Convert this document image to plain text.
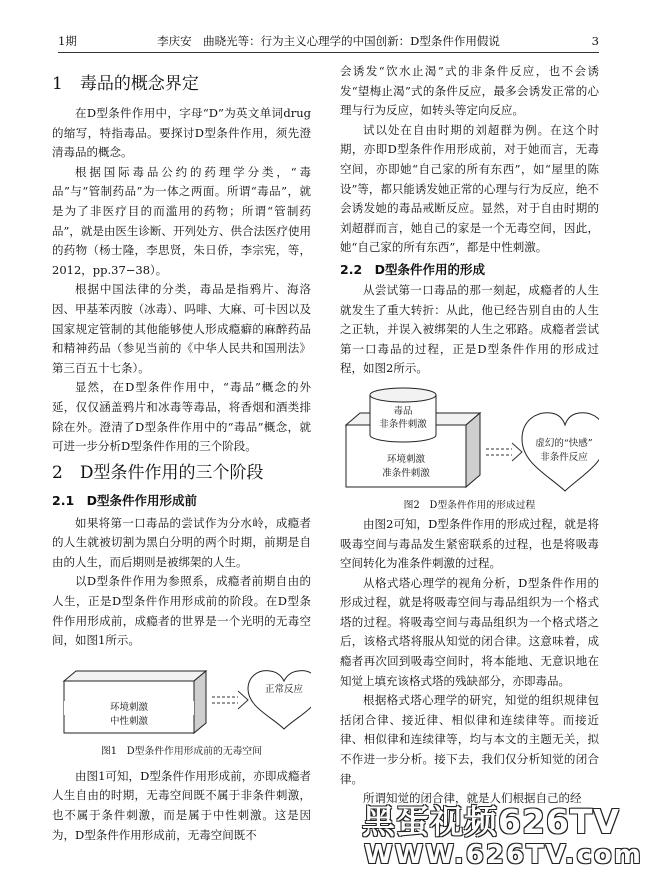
1期	李庆安　曲晓光等：行为主义心理学的中国创新：D型条件作用假说	3
1　毒品的概念界定

在D型条件作用中，字母“D”为英文单词drug的缩写，特指毒品。要探讨D型条件作用，须先澄清毒品的概念。

根据国际毒品公约的药理学分类，“毒品”与“管制药品”为一体之两面。所谓“毒品”，就是为了非医疗目的而滥用的药物；所谓“管制药品”，就是由医生诊断、开列处方、供合法医疗使用的药物（杨士隆，李思贤，朱日侨，李宗宪，等，2012，pp.37−38）。

根据中国法律的分类，毒品是指鸦片、海洛因、甲基苯丙胺（冰毒）、吗啡、大麻、可卡因以及国家规定管制的其他能够使人形成瘾癖的麻醉药品和精神药品（参见当前的《中华人民共和国刑法》第三百五十七条）。

显然，在D型条件作用中，“毒品”概念的外延，仅仅涵盖鸦片和冰毒等毒品，将香烟和酒类排除在外。澄清了D型条件作用中的“毒品”概念，就可进一步分析D型条件作用的三个阶段。

2　D型条件作用的三个阶段
2.1　D型条件作用形成前

如果将第一口毒品的尝试作为分水岭，成瘾者的人生就被切割为黑白分明的两个时期，前期是自由的人生，而后期则是被绑架的人生。

以D型条件作用为参照系，成瘾者前期自由的人生，正是D型条件作用形成前的阶段。在D型条件作用形成前，成瘾者的世界是一个光明的无毒空间，如图1所示。

环境刺激
中性刺激
正常反应
图1　D型条件作用形成前的无毒空间

由图1可知，D型条件作用形成前，亦即成瘾者人生自由的时期，无毒空间既不属于非条件刺激，也不属于条件刺激，而是属于中性刺激。这是因为，D型条件作用形成前，无毒空间既不

会诱发“饮水止渴”式的非条件反应，也不会诱发“望梅止渴”式的条件反应，最多会诱发正常的心理与行为反应，如转头等定向反应。

试以处在自由时期的刘超群为例。在这个时期，亦即D型条件作用形成前，对于她而言，无毒空间，亦即她“自己家的所有东西”，如“屋里的陈设”等，都只能诱发她正常的心理与行为反应，绝不会诱发她的毒品戒断反应。显然，对于自由时期的刘超群而言，她自己的家是一个无毒空间，因此，她“自己家的所有东西”，都是中性刺激。

2.2　D型条件作用的形成

从尝试第一口毒品的那一刻起，成瘾者的人生就发生了重大转折：从此，他已经告别自由的人生之正轨，并误入被绑架的人生之邪路。成瘾者尝试第一口毒品的过程，正是D型条件作用的形成过程，如图2所示。

毒品
非条件刺激
环境刺激
准条件刺激
虚幻的“快感”
非条件反应
图2　D型条件作用的形成过程

由图2可知，D型条件作用的形成过程，就是将吸毒空间与毒品发生紧密联系的过程，也是将吸毒空间转化为准条件刺激的过程。

从格式塔心理学的视角分析，D型条件作用的形成过程，就是将吸毒空间与毒品组织为一个格式塔的过程。将吸毒空间与毒品组织为一个格式塔之后，该格式塔将服从知觉的闭合律。这意味着，成瘾者再次回到吸毒空间时，将本能地、无意识地在知觉上填充该格式塔的残缺部分，亦即毒品。

根据格式塔心理学的研究，知觉的组织规律包括闭合律、接近律、相似律和连续律等。而接近律、相似律和连续律等，均与本文的主题无关，拟不作进一步分析。接下去，我们仅分析知觉的闭合律。

所谓知觉的闭合律，就是人们根据自己的经

黑蛋视频626TV
WWW.626TV.com
